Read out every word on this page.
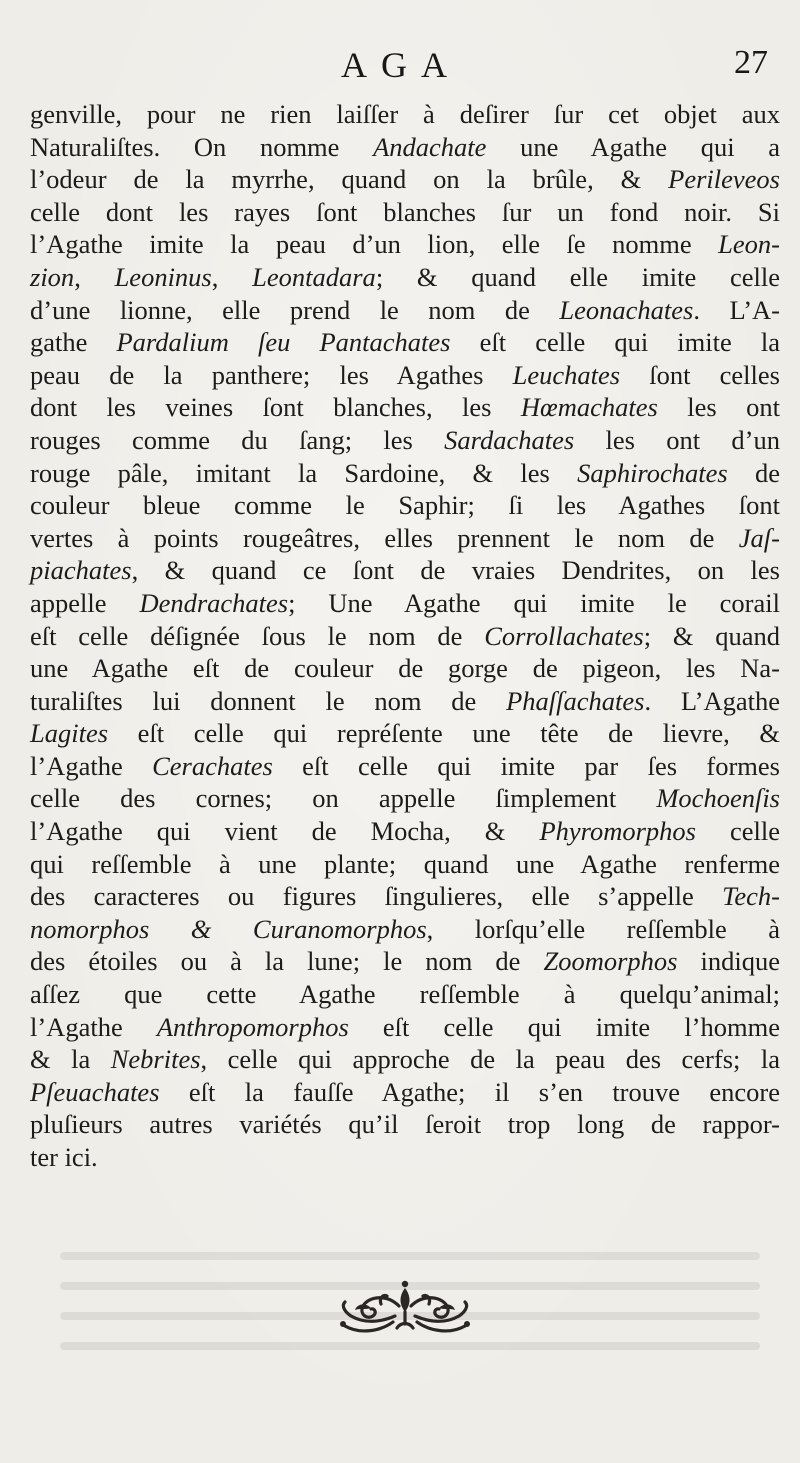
AGA	27
genville, pour ne rien laiſſer à deſirer ſur cet objet aux
Naturaliſtes. On nomme Andachate une Agathe qui a
l’odeur de la myrrhe, quand on la brûle, & Perileveos
celle dont les rayes ſont blanches ſur un fond noir. Si
l’Agathe imite la peau d’un lion, elle ſe nomme Leon-
zion, Leoninus, Leontadara; & quand elle imite celle
d’une lionne, elle prend le nom de Leonachates. L’A-
gathe Pardalium ſeu Pantachates eſt celle qui imite la
peau de la panthere; les Agathes Leuchates ſont celles
dont les veines ſont blanches, les Hœmachates les ont
rouges comme du ſang; les Sardachates les ont d’un
rouge pâle, imitant la Sardoine, & les Saphirochates de
couleur bleue comme le Saphir; ſi les Agathes ſont
vertes à points rougeâtres, elles prennent le nom de Jaſ-
piachates, & quand ce ſont de vraies Dendrites, on les
appelle Dendrachates; Une Agathe qui imite le corail
eſt celle déſignée ſous le nom de Corrollachates; & quand
une Agathe eſt de couleur de gorge de pigeon, les Na-
turaliſtes lui donnent le nom de Phaſſachates. L’Agathe
Lagites eſt celle qui repréſente une tête de lievre, &
l’Agathe Cerachates eſt celle qui imite par ſes formes
celle des cornes; on appelle ſimplement Mochoenſis
l’Agathe qui vient de Mocha, & Phyromorphos celle
qui reſſemble à une plante; quand une Agathe renferme
des caracteres ou figures ſingulieres, elle s’appelle Tech-
nomorphos & Curanomorphos, lorſqu’elle reſſemble à
des étoiles ou à la lune; le nom de Zoomorphos indique
aſſez que cette Agathe reſſemble à quelqu’animal;
l’Agathe Anthropomorphos eſt celle qui imite l’homme
& la Nebrites, celle qui approche de la peau des cerfs; la
Pſeuachates eſt la fauſſe Agathe; il s’en trouve encore
pluſieurs autres variétés qu’il ſeroit trop long de rappor-
ter ici.
